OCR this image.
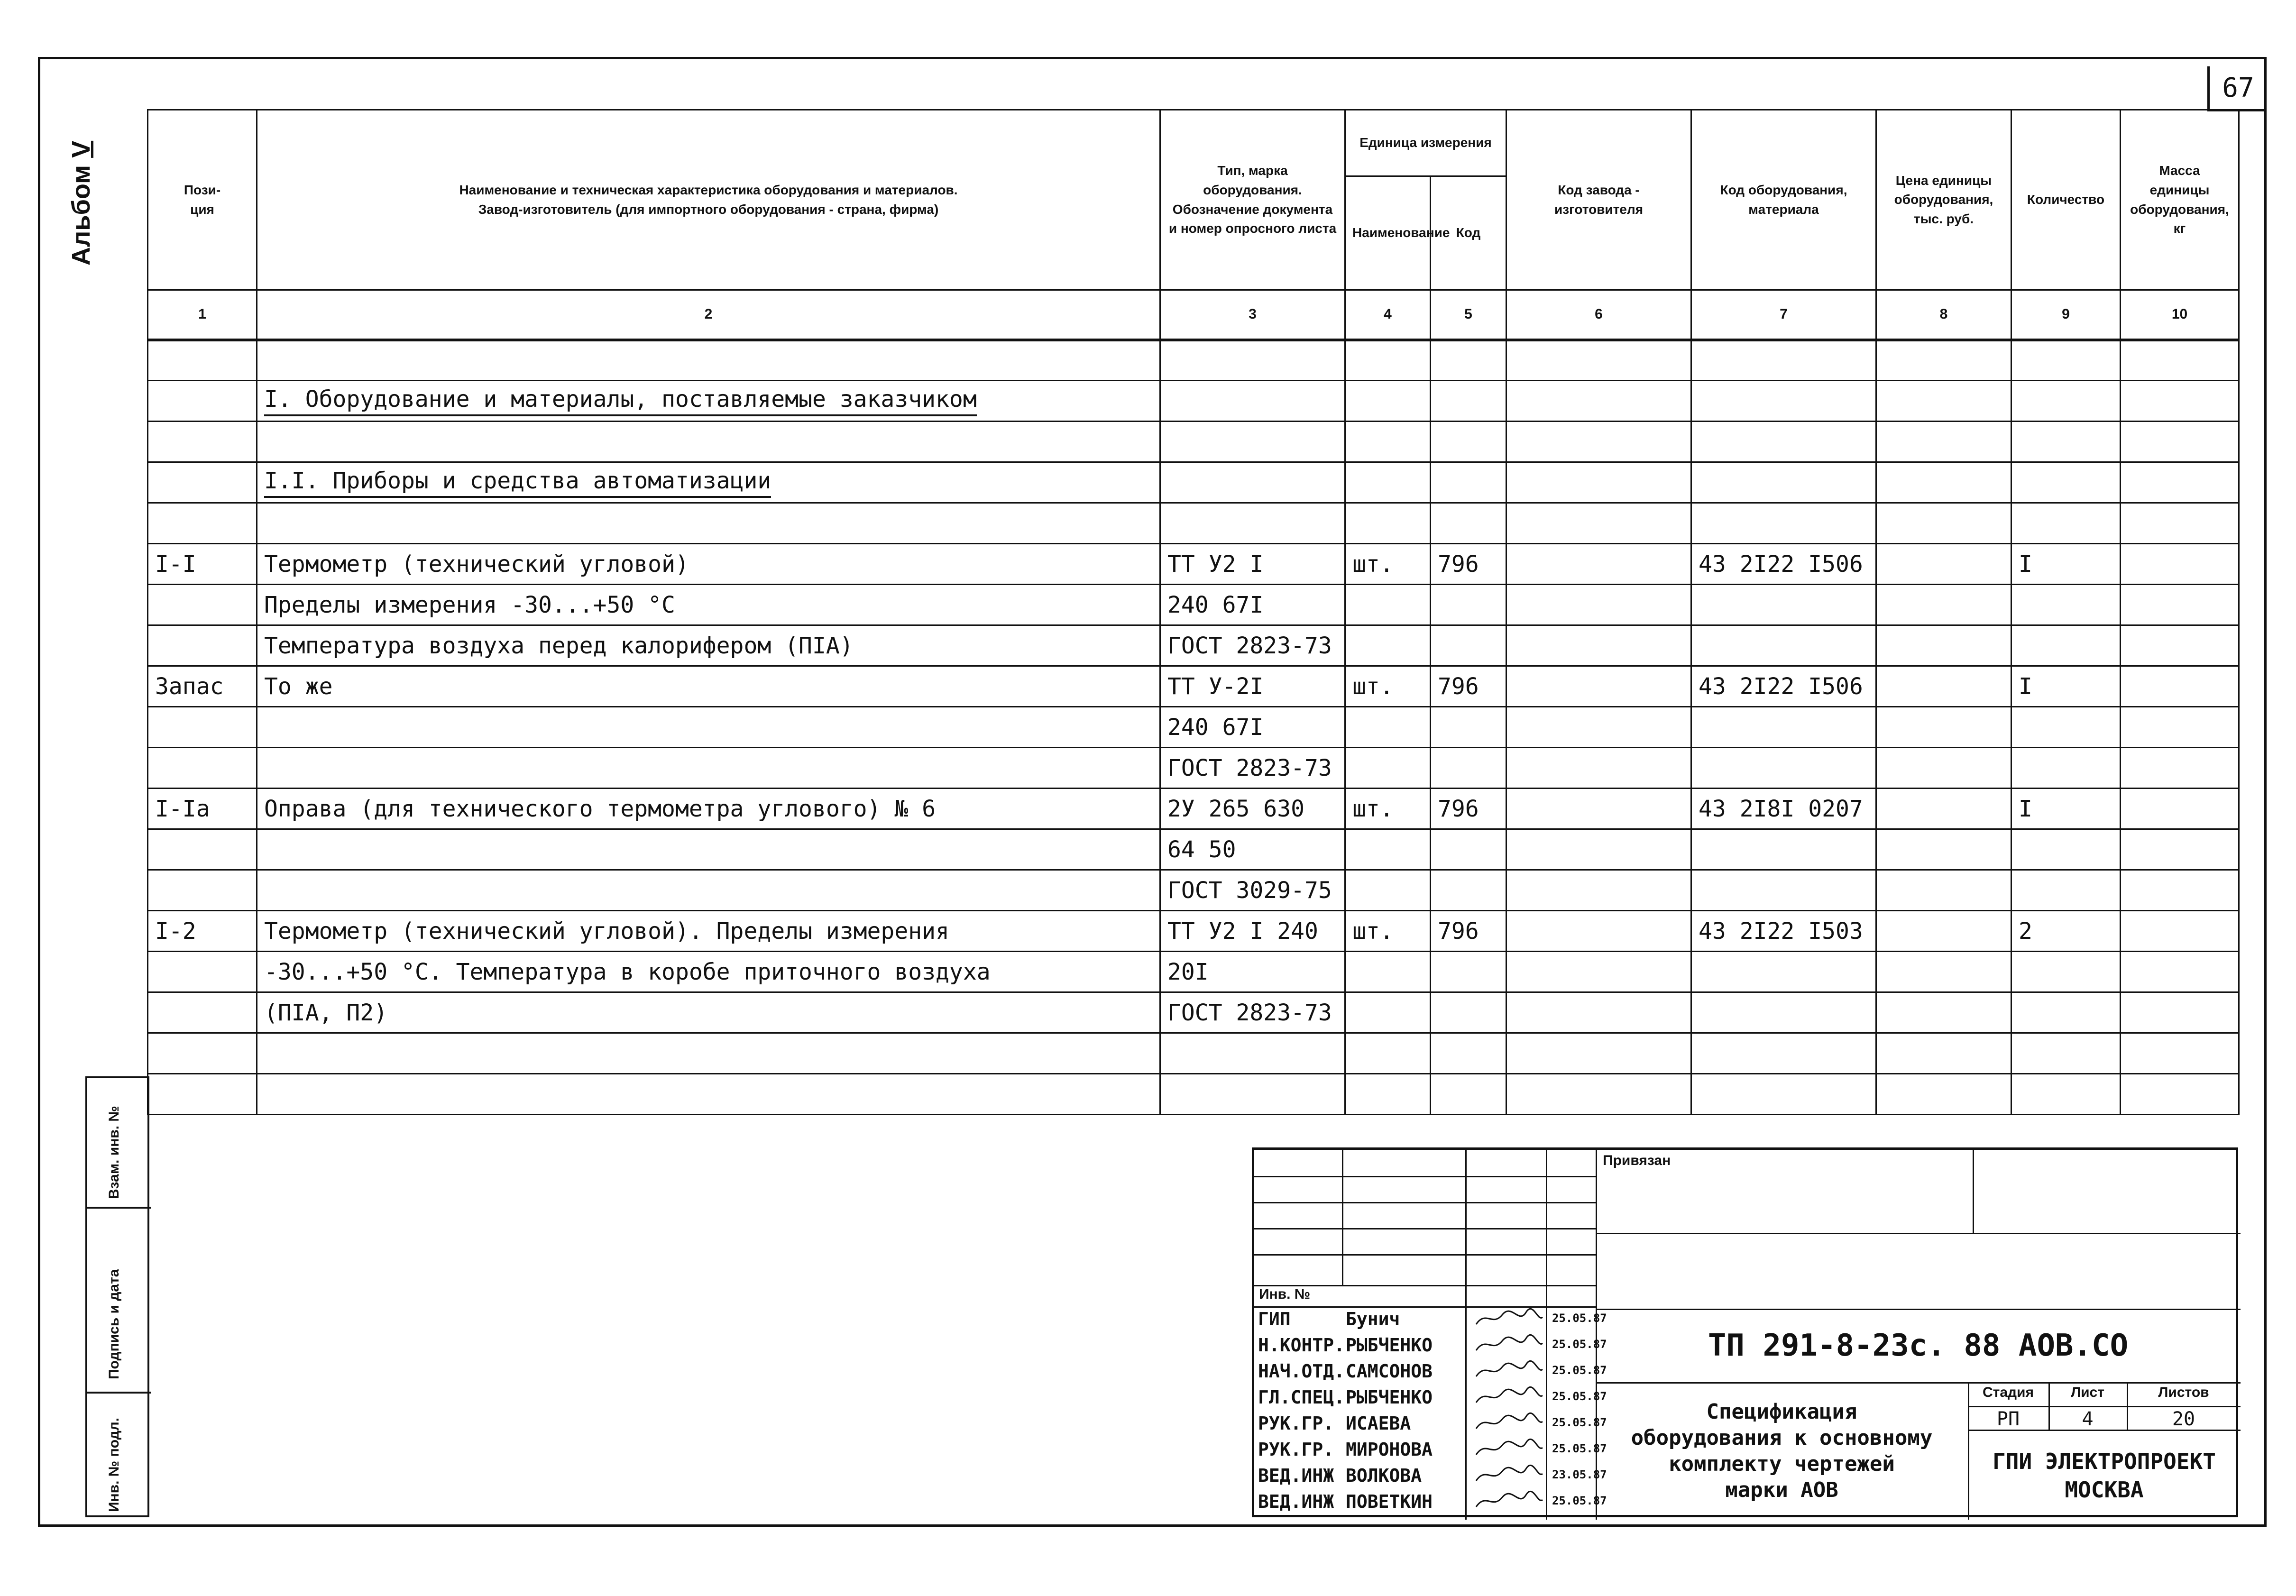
67
Альбом V
Пози-
ция	Наименование и техническая характеристика оборудования и материалов.
Завод-изготовитель (для импортного оборудования - страна, фирма)	Тип, марка оборудования. Обозначение документа и номер опросного листа	Единица измерения		Код завода - изготовителя	Код оборудования, материала	Цена единицы оборудования, тыс. руб.	Количество	Масса единицы оборудования, кг
			Наименование	Код					
1	2	3	4	5	6	7	8	9	10

	I. Оборудование и материалы, поставляемые заказчиком								

	I.I. Приборы и средства автоматизации								

I-I	Термометр (технический угловой)	ТТ У2 I	шт.	796		43 2I22 I506		I	
	Пределы измерения -30...+50 °С	240 67I							
	Температура воздуха перед калорифером (ПIА)	ГОСТ 2823-73							
Запас	То же	ТТ У-2I	шт.	796		43 2I22 I506		I	
		240 67I							
		ГОСТ 2823-73							
I-Iа	Оправа (для технического термометра углового) № 6	2У 265 630	шт.	796		43 2I8I 0207		I	
		64 50							
		ГОСТ 3029-75							
I-2	Термометр (технический угловой). Пределы измерения	ТТ У2 I 240	шт.	796		43 2I22 I503		2	
	-30...+50 °С. Температура в коробе приточного воздуха	20I							
	(ПIА, П2)	ГОСТ 2823-73							

Взам. инв. №
Подпись и дата
Инв. № подл.
Инв. №
ГИП	Бунич	25.05.87
Н.КОНТР. РЫБЧЕНКО	25.05.87
НАЧ.ОТД. САМСОНОВ	25.05.87
ГЛ.СПЕЦ. РЫБЧЕНКО	25.05.87
РУК.ГР. ИСАЕВА	25.05.87
РУК.ГР. МИРОНОВА	25.05.87
ВЕД.ИНЖ ВОЛКОВА	23.05.87
ВЕД.ИНЖ ПОВЕТКИН	25.05.87
Привязан
ТП 291-8-23с. 88 АОВ.СО
Спецификация
оборудования к основному
комплекту чертежей
марки АОВ
Стадия	Лист	Листов
РП	4	20
ГПИ ЭЛЕКТРОПРОЕКТ
МОСКВА
